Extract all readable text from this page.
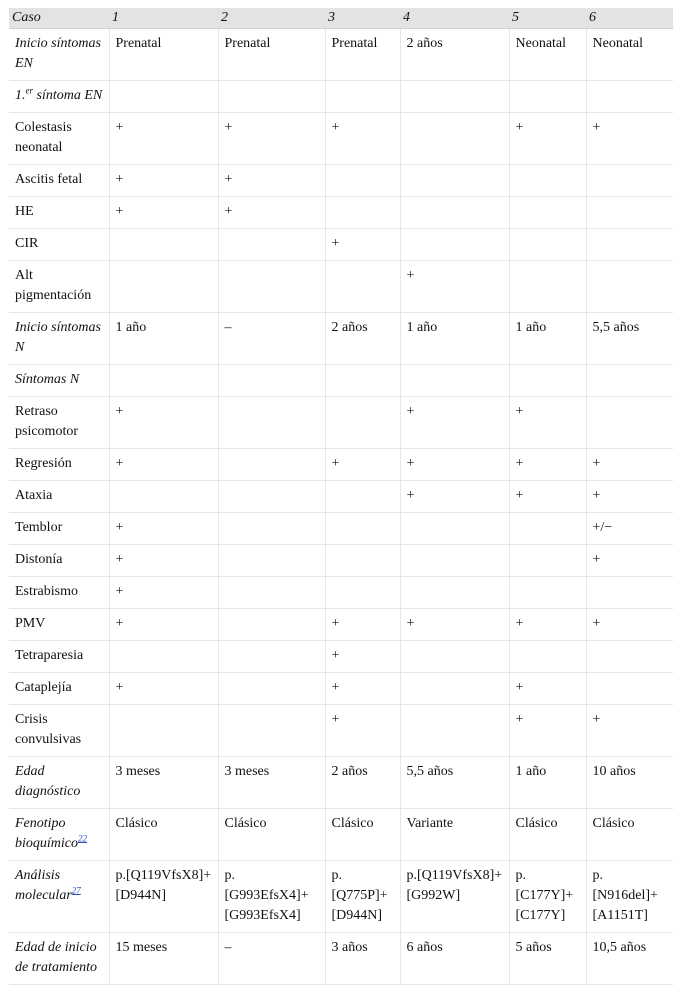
Caso	1	2	3	4	5	6
Inicio síntomas EN	Prenatal	Prenatal	Prenatal	2 años	Neonatal	Neonatal
1.$^{er}$ síntoma EN						
Colestasis neonatal	+	+	+		+	+
Ascitis fetal	+	+				
HE	+	+				
CIR			+			
Alt pigmentación				+		
Inicio síntomas N	1 año	–	2 años	1 año	1 año	5,5 años
Síntomas N						
Retraso psicomotor	+			+	+	
Regresión	+		+	+	+	+
Ataxia				+	+	+
Temblor	+					+/−
Distonía	+					+
Estrabismo	+					
PMV	+		+	+	+	+
Tetraparesia			+			
Cataplejía	+		+		+	
Crisis convulsivas			+		+	+
Edad diagnóstico	3 meses	3 meses	2 años	5,5 años	1 año	10 años
Fenotipo bioquímico$^{22}$	Clásico	Clásico	Clásico	Variante	Clásico	Clásico
Análisis molecular$^{27}$	p.​[Q119VfsX8]+​[D944N]	p.​[G993EfsX4]+​[G993EfsX4]	p.​[Q775P]+​[D944N]	p.​[Q119VfsX8]+​[G992W]	p.​[C177Y]+​[C177Y]	p.​[N916del]+​[A1151T]
Edad de inicio de tratamiento	15 meses	–	3 años	6 años	5 años	10,5 años
